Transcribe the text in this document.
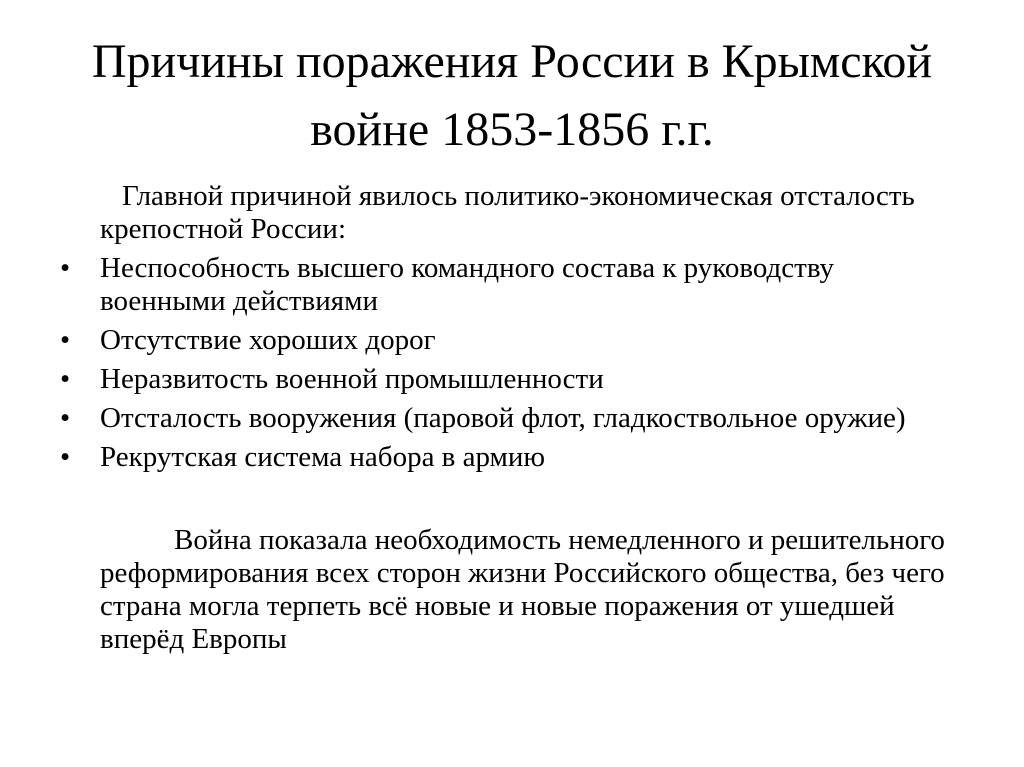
Причины поражения России в Крымской войне 1853-1856 г.г.

Главной причиной явилось политико-экономическая отсталость крепостной России:

•	Неспособность высшего командного состава к руководству военными действиями
•	Отсутствие хороших дорог
•	Неразвитость военной промышленности
•	Отсталость вооружения (паровой флот, гладкоствольное оружие)
•	Рекрутская система набора в армию

Война показала необходимость немедленного и решительного реформирования всех сторон жизни Российского общества, без чего страна могла терпеть всё новые и новые поражения от ушедшей вперёд Европы
